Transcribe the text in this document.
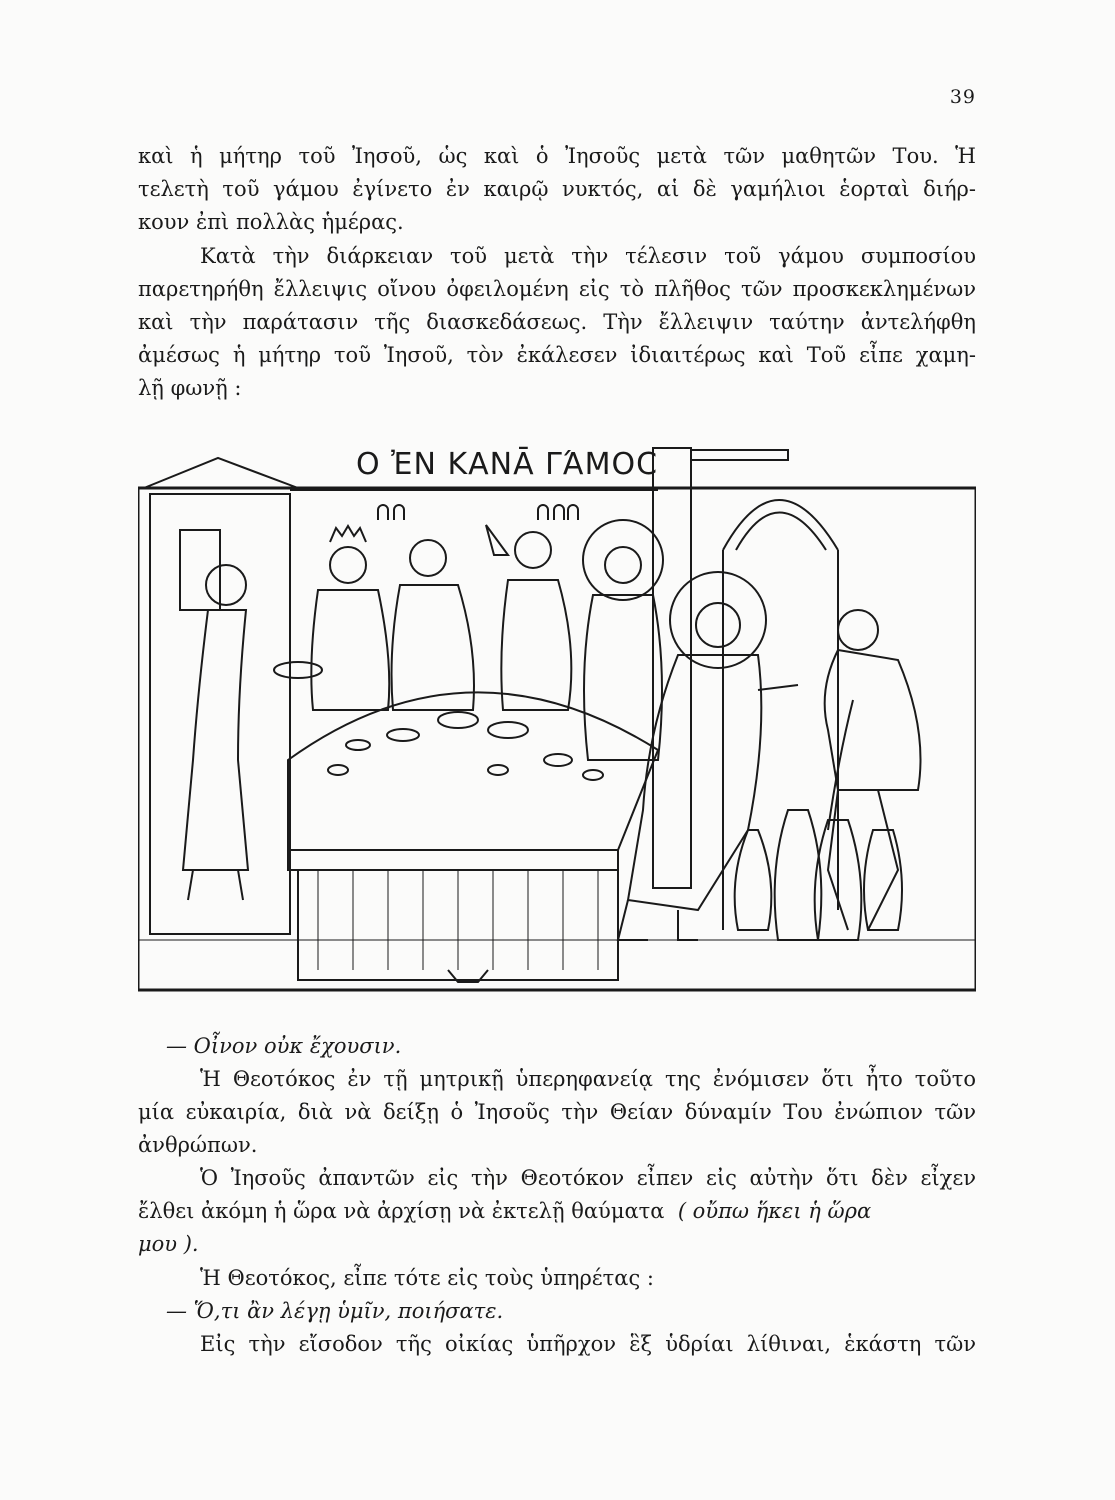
39

καὶ ἡ μήτηρ τοῦ Ἰησοῦ, ὡς καὶ ὁ Ἰησοῦς μετὰ τῶν μαθητῶν Του. Ἡ
τελετὴ τοῦ γάμου ἐγίνετο ἐν καιρῷ νυκτός, αἱ δὲ γαμήλιοι ἑορταὶ διήρ-
κουν ἐπὶ πολλὰς ἡμέρας.

Κατὰ τὴν διάρκειαν τοῦ μετὰ τὴν τέλεσιν τοῦ γάμου συμποσίου
παρετηρήθη ἔλλειψις οἴνου ὀφειλομένη εἰς τὸ πλῆθος τῶν προσκεκλημένων
καὶ τὴν παράτασιν τῆς διασκεδάσεως. Τὴν ἔλλειψιν ταύτην ἀντελήφθη
ἀμέσως ἡ μήτηρ τοῦ Ἰησοῦ, τὸν ἐκάλεσεν ἰδιαιτέρως καὶ Τοῦ εἶπε χαμη-
λῇ φωνῇ :

Ο ἘΝ ΚΑΝᾹ ΓΆΜΟϹ

— Οἶνον οὐκ ἔχουσιν.

Ἡ Θεοτόκος ἐν τῇ μητρικῇ ὑπερηφανείᾳ της ἐνόμισεν ὅτι ἦτο τοῦτο
μία εὐκαιρία, διὰ νὰ δείξῃ ὁ Ἰησοῦς τὴν Θείαν δύναμίν Του ἐνώπιον τῶν
ἀνθρώπων.

Ὁ Ἰησοῦς ἀπαντῶν εἰς τὴν Θεοτόκον εἶπεν εἰς αὐτὴν ὅτι δὲν εἶχεν
ἔλθει ἀκόμη ἡ ὥρα νὰ ἀρχίσῃ νὰ ἐκτελῇ θαύματα ( οὔπω ἥκει ἡ ὥρα
μου ).

Ἡ Θεοτόκος, εἶπε τότε εἰς τοὺς ὑπηρέτας :

— Ὅ,τι ἂν λέγῃ ὑμῖν, ποιήσατε.

Εἰς τὴν εἴσοδον τῆς οἰκίας ὑπῆρχον ἓξ ὑδρίαι λίθιναι, ἑκάστη τῶν
